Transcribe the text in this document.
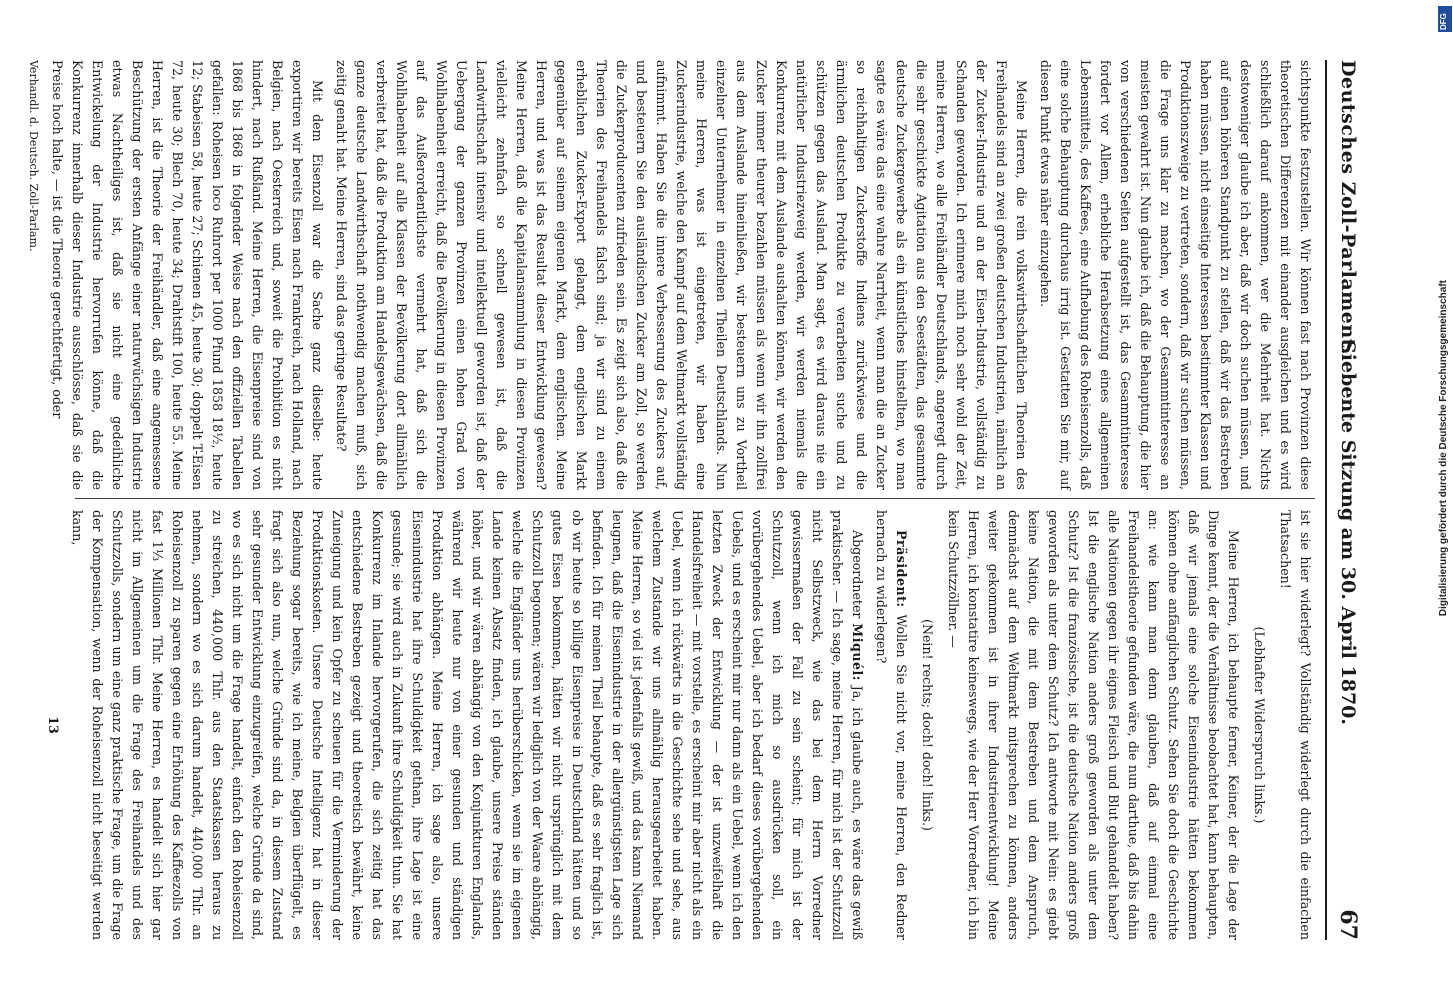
Deutsches Zoll-Parlament.
Siebente Sitzung am 30. April 1870.
67

sichtspunkte festzustellen. Wir können fast nach Provinzen diese theoretischen Differenzen mit einander ausgleichen und es wird schließlich darauf ankommen, wer die Mehrheit hat. Nichts destoweniger glaube ich aber, daß wir doch suchen müssen, und auf einen höheren Standpunkt zu stellen, daß wir das Bestreben haben müssen, nicht einseitige Interessen bestimmter Klassen und Produktionszweige zu vertreten, sondern, daß wir suchen müssen, die Frage uns klar zu machen, wo der Gesammtinteresse an meisten gewahrt ist. Nun glaube ich, daß die Behauptung, die hier von verschiedenen Seiten aufgestellt ist, das Gesammtinteresse fordert vor Allem, erhebliche Herabsetzung eines allgemeinen Lebensmittels, des Kaffees, eine Aufhebung des Roheisenzolls, daß eine solche Behauptung durchaus irrig ist. Gestatten Sie mir, auf diesen Punkt etwas näher einzugehen.

Meine Herren, die rein volkswirthschaftlichen Theorien des Freihandels sind an zwei großen deutschen Industrien, nämlich an der Zucker-Industrie und an der Eisen-Industrie, vollständig zu Schanden geworden. Ich erinnere mich noch sehr wohl der Zeit, meine Herren, wo alle Freihändler Deutschlands, angeregt durch die sehr geschickte Agitation aus den Seestädten, das gesammte deutsche Zuckergewerbe als ein künstliches hinstellten, wo man sagte es wäre das eine wahre Narrheit, wenn man die an Zucker so reichhaltigen Zuckerstoffe Indiens zurückwiese und die ärmlichen deutschen Produkte zu verarbeiten suche und zu schützen gegen das Ausland. Man sagt, es wird daraus nie ein natürlicher Industriezweig werden, wir werden niemals die Konkurrenz mit dem Auslande aushalten können, wir werden den Zucker immer theurer bezahlen müssen als wenn wir ihn zollfrei aus dem Auslande hineinließen, wir besteuern uns zu Vortheil einzelner Unternehmer in einzelnen Theilen Deutschlands. Nun meine Herren, was ist eingetreten, wir haben eine Zuckerindustrie, welche den Kampf auf dem Weltmarkt vollständig aufnimmt. Haben Sie die innere Verbesserung des Zuckers auf, und besteuern Sie den ausländischen Zucker am Zoll, so werden die Zuckerproducenten zufrieden sein. Es zeigt sich also, daß die Theorien des Freihandels falsch sind; ja wir sind zu einem erheblichen Zucker-Export gelangt, dem englischen Markt gegenüber auf seinem eigenen Markt, dem englischen. Meine Herren, und was ist das Resultat dieser Entwicklung gewesen? Meine Herren, daß die Kapitalansammlung in diesen Provinzen vielleicht zehnfach so schnell gewesen ist, daß die Landwirthschaft intensiv und intellektuell geworden ist, daß der Uebergang der ganzen Provinzen einen hohen Grad von Wohlhabenheit erreicht, daß die Bevölkerung in diesen Provinzen auf das Außerordentlichste vermehrt hat, daß sich die Wohlhabenheit auf alle Klassen der Bevölkerung dort allmählich verbreitet hat, daß die Produktion am Handelsgewächsen, daß die ganze deutsche Landwirthschaft nothwendig machen muß, sich zeitig genaht hat. Meine Herren, sind das geringe Resultate?

Mit dem Eisenzoll war die Sache ganz dieselbe: heute exportiren wir bereits Eisen nach Frankreich, nach Holland, nach Belgien, nach Oesterreich und, soweit die Prohibition es nicht hindert, nach Rußland. Meine Herren, die Eisenpreise sind von 1868 bis 1868 in folgender Weise nach den offiziellen Tabellen gefallen: Roheisen loco Ruhrort per 1000 Pfund 1858 18½, heute 12; Stabeisen 58, heute 27; Schienen 45, heute 30; doppelt T-Eisen 72, heute 30; Blech 70, heute 34; Drahtstift 100, heute 55. Meine Herren, ist die Theorie der Freihändler, daß eine angemessene Beschützung der ersten Anfänge einer naturwüchsigen Industrie etwas Nachtheiliges ist, daß sie nicht eine gedeihliche Entwickelung der Industrie hervorrufen könne, daß die Konkurrenz innerhalb dieser Industrie ausschlösse, daß sie die Preise hoch halte, — ist die Theorie gerechtfertigt, oder

Verhandl. d. Deutsch. Zoll-Parlam.

ist sie hier widerlegt? Vollständig widerlegt durch die einfachen Thatsachen!

(Lebhafter Widerspruch links.)

Meine Herren, ich behaupte ferner, Keiner, der die Lage der Dinge kennt, der die Verhältnisse beobachtet hat, kann behaupten, daß wir jemals eine solche Eisenindustrie hätten bekommen können ohne anfänglichen Schutz. Sehen Sie doch die Geschichte an: wie kann man denn glauben, daß auf einmal eine Freihandelstheorie gefunden wäre, die nun darthue, daß bis dahin alle Nationen gegen ihr eignes Fleisch und Blut gehandelt haben? Ist die englische Nation anders groß geworden als unter dem Schutz? Ist die französische, ist die deutsche Nation anders groß geworden als unter dem Schutz? Ich antworte mit Nein: es giebt keine Nation, die mit dem Bestreben und dem Anspruch, demnächst auf dem Weltmarkt mitsprechen zu können, anders weiter gekommen ist in ihrer Industrieentwicklung! Meine Herren, ich konstatire keineswegs, wie der Herr Vorredner, ich bin kein Schutzzöllner. —

(Nein! rechts; doch! doch! links.)

Präsident: Wollen Sie nicht vor, meine Herren, den Redner hernach zu widerlegen?

Abgeordneter Miquél: Ja, ich glaube auch, es wäre das gewiß praktischer. — Ich sage, meine Herren, für mich ist der Schutzzoll nicht Selbstzweck, wie das bei dem Herrn Vorredner gewissermaßen der Fall zu sein scheint; für mich ist der Schutzzoll, wenn ich mich so ausdrücken soll, ein vorübergehendes Uebel, aber ich bedarf dieses vorübergehenden Uebels, und es erscheint mir nur dann als ein Uebel, wenn ich den letzten Zweck der Entwicklung — der ist unzweifelhaft die Handelsfreiheit — mit vorstelle, es erscheint mir aber nicht als ein Uebel, wenn ich rückwärts in die Geschichte sehe und sehe, aus welchem Zustande wir uns allmählig herausgearbeitet haben. Meine Herren, so viel ist jedenfalls gewiß, und das kann Niemand leugnen, daß die Eisenindustrie in der allergünstigsten Lage sich befinden. Ich für meinen Theil behaupte, daß es sehr fraglich ist, ob wir heute so billige Eisenpreise in Deutschland hätten und so gutes Eisen bekommen, hätten wir nicht ursprünglich mit dem Schutzzoll begonnen; wären wir lediglich von der Waare abhängig, welche die Engländer uns herüberschicken, wenn sie im eigenen Lande keinen Absatz finden, ich glaube, unsere Preise ständen höher, und wir wären abhängig von den Konjunkturen Englands, während wir heute nur von einer gesunden und ständigen Produktion abhängen. Meine Herren, ich sage also, unsere Eisenindustrie hat ihre Schuldigkeit gethan, ihre Lage ist eine gesunde; sie wird auch in Zukunft ihre Schuldigkeit thun. Sie hat Konkurrenz im Inlande hervorgerufen, die sich zeitig hat das entschiedene Bestreben gezeigt und theoretisch bewährt, keine Zuneigung und kein Opfer zu scheuen für die Verminderung der Produktionskosten. Unsere Deutsche Intelligenz hat in dieser Beziehung sogar bereits, wie ich meine, Belgien überflügelt, es fragt sich also nun, welche Gründe sind da, in diesem Zustand sehr gesunder Entwicklung einzugreifen, welche Gründe da sind, wo es sich nicht um die Frage handelt, einfach den Roheisenzoll zu streichen, 440,000 Thlr. aus den Staatskassen heraus zu nehmen, sondern wo es sich darum handelt, 440,000 Thlr. an Roheisenzoll zu sparen gegen eine Erhöhung des Kaffeezolls von fast 1⅓ Millionen Thlr. Meine Herren, es handelt sich hier gar nicht im Allgemeinen um die Frage des Freihandels und des Schutzzolls, sondern um eine ganz praktische Frage, um die Frage der Kompensation, wenn der Roheisenzoll nicht beseitigt werden kann,

13

Digitalisierung gefördert durch die Deutsche Forschungsgemeinschaft
DFG
